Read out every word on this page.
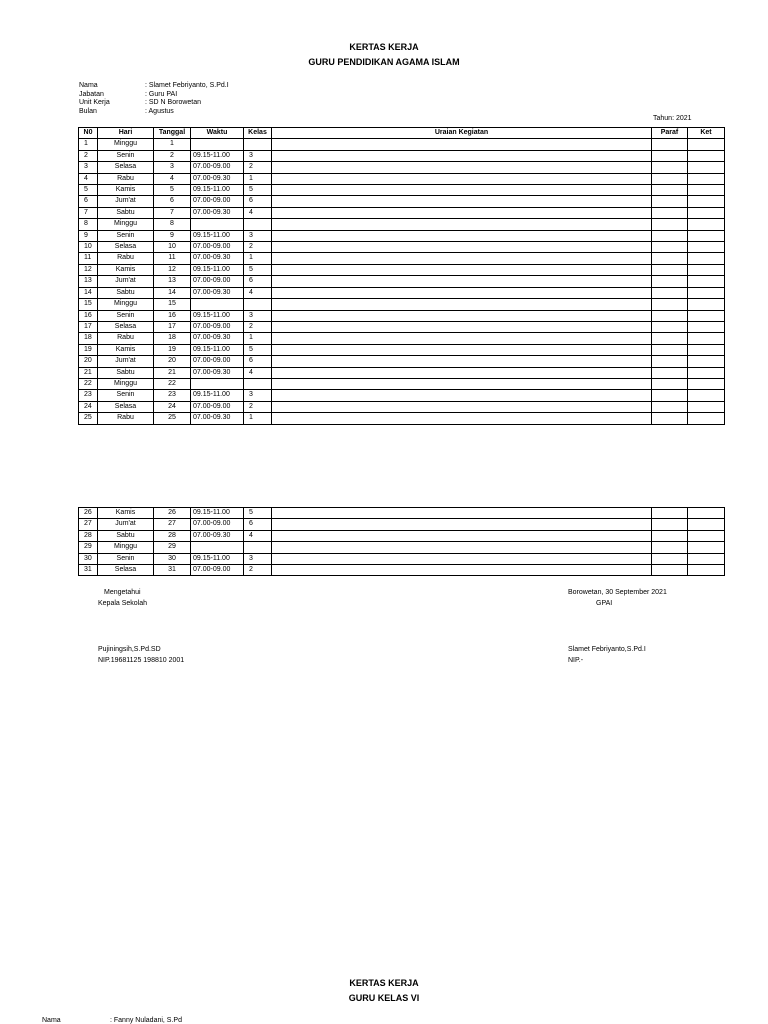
KERTAS KERJA
GURU PENDIDIKAN AGAMA ISLAM
Nama	: Slamet Febriyanto, S.Pd.I
Jabatan	: Guru PAI
Unit Kerja	: SD N Borowetan
Bulan	: Agustus
Tahun: 2021
N0	Hari	Tanggal	Waktu	Kelas	Uraian Kegiatan	Paraf	Ket
1	Minggu	1					
2	Senin	2	09.15-11.00	3			
3	Selasa	3	07.00-09.00	2			
4	Rabu	4	07.00-09.30	1			
5	Kamis	5	09.15-11.00	5			
6	Jum'at	6	07.00-09.00	6			
7	Sabtu	7	07.00-09.30	4			
8	Minggu	8					
9	Senin	9	09.15-11.00	3			
10	Selasa	10	07.00-09.00	2			
11	Rabu	11	07.00-09.30	1			
12	Kamis	12	09.15-11.00	5			
13	Jum'at	13	07.00-09.00	6			
14	Sabtu	14	07.00-09.30	4			
15	Minggu	15					
16	Senin	16	09.15-11.00	3			
17	Selasa	17	07.00-09.00	2			
18	Rabu	18	07.00-09.30	1			
19	Kamis	19	09.15-11.00	5			
20	Jum'at	20	07.00-09.00	6			
21	Sabtu	21	07.00-09.30	4			
22	Minggu	22					
23	Senin	23	09.15-11.00	3			
24	Selasa	24	07.00-09.00	2			
25	Rabu	25	07.00-09.30	1			
26	Kamis	26	09.15-11.00	5			
27	Jum'at	27	07.00-09.00	6			
28	Sabtu	28	07.00-09.30	4			
29	Minggu	29					
30	Senin	30	09.15-11.00	3			
31	Selasa	31	07.00-09.00	2			
Mengetahui
Kepala Sekolah
Pujiningsih,S.Pd.SD
NIP.19681125 198810 2001
Borowetan, 30 September 2021
GPAI
Slamet Febriyanto,S.Pd.I
NIP.-
KERTAS KERJA
GURU KELAS VI
Nama	: Fanny Nuladani, S.Pd
